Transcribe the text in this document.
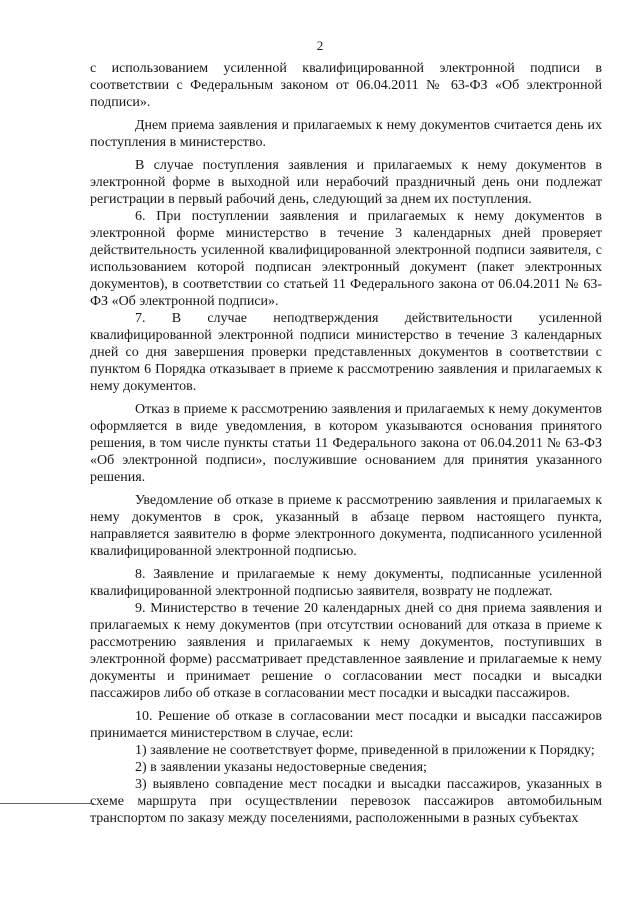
2

с использованием усиленной квалифицированной электронной подписи в соответствии с Федеральным законом от 06.04.2011 № 63-ФЗ «Об электронной подписи».

Днем приема заявления и прилагаемых к нему документов считается день их поступления в министерство.

В случае поступления заявления и прилагаемых к нему документов в электронной форме в выходной или нерабочий праздничный день они подлежат регистрации в первый рабочий день, следующий за днем их поступления.

6. При поступлении заявления и прилагаемых к нему документов в электронной форме министерство в течение 3 календарных дней проверяет действительность усиленной квалифицированной электронной подписи заявителя, с использованием которой подписан электронный документ (пакет электронных документов), в соответствии со статьей 11 Федерального закона от 06.04.2011 № 63-ФЗ «Об электронной подписи».

7. В случае неподтверждения действительности усиленной квалифицированной электронной подписи министерство в течение 3 календарных дней со дня завершения проверки представленных документов в соответствии с пунктом 6 Порядка отказывает в приеме к рассмотрению заявления и прилагаемых к нему документов.

Отказ в приеме к рассмотрению заявления и прилагаемых к нему документов оформляется в виде уведомления, в котором указываются основания принятого решения, в том числе пункты статьи 11 Федерального закона от 06.04.2011 № 63-ФЗ «Об электронной подписи», послужившие основанием для принятия указанного решения.

Уведомление об отказе в приеме к рассмотрению заявления и прилагаемых к нему документов в срок, указанный в абзаце первом настоящего пункта, направляется заявителю в форме электронного документа, подписанного усиленной квалифицированной электронной подписью.

8. Заявление и прилагаемые к нему документы, подписанные усиленной квалифицированной электронной подписью заявителя, возврату не подлежат.

9. Министерство в течение 20 календарных дней со дня приема заявления и прилагаемых к нему документов (при отсутствии оснований для отказа в приеме к рассмотрению заявления и прилагаемых к нему документов, поступивших в электронной форме) рассматривает представленное заявление и прилагаемые к нему документы и принимает решение о согласовании мест посадки и высадки пассажиров либо об отказе в согласовании мест посадки и высадки пассажиров.

10. Решение об отказе в согласовании мест посадки и высадки пассажиров принимается министерством в случае, если:

1) заявление не соответствует форме, приведенной в приложении к Порядку;

2) в заявлении указаны недостоверные сведения;

3) выявлено совпадение мест посадки и высадки пассажиров, указанных в схеме маршрута при осуществлении перевозок пассажиров автомобильным транспортом по заказу между поселениями, расположенными в разных субъектах
